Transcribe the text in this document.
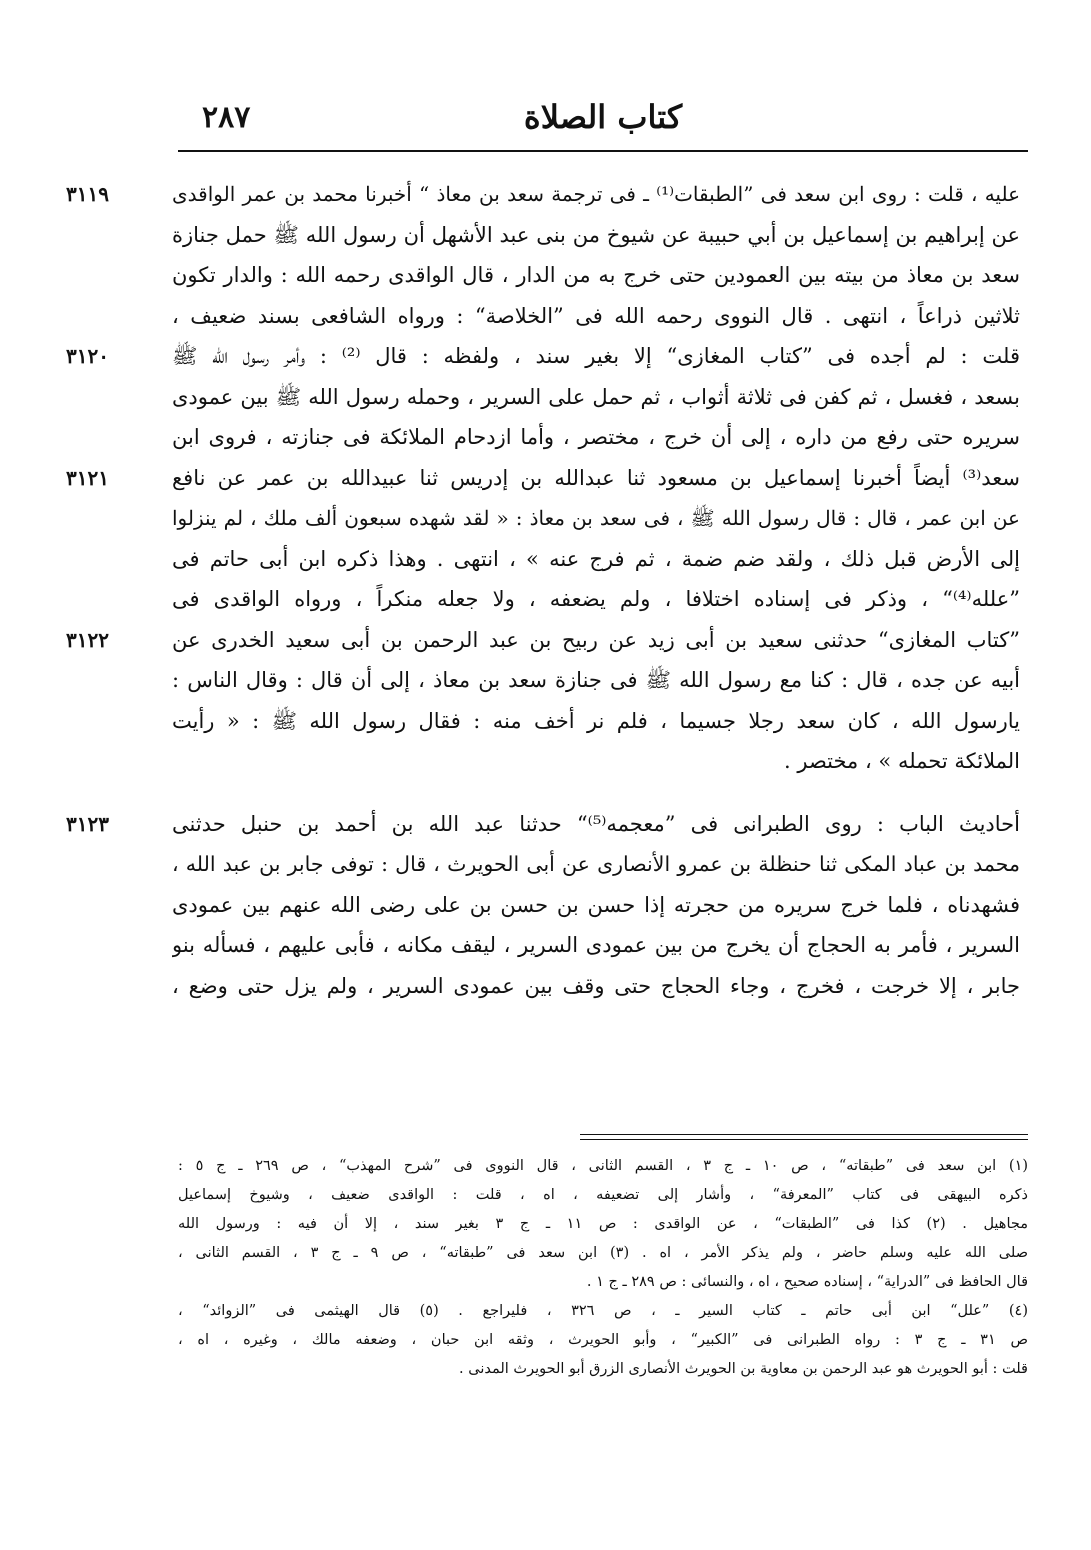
٢٨٧	كتاب الصلاة
٣١١٩	عليه ، قلت : روى ابن سعد فى ”الطبقات⁽¹⁾ ـ فى ترجمة سعد بن معاذ “ أخبرنا محمد بن عمر الواقدى
عن إبراهيم بن إسماعيل بن أبي حبيبة عن شيوخ من بنى عبد الأشهل أن رسول الله ﷺ حمل جنازة
سعد بن معاذ من بيته بين العمودين حتى خرج به من الدار ، قال الواقدى رحمه الله : والدار تكون
ثلاثين ذراعاً ، انتهى . قال النووى رحمه الله فى ”الخلاصة“ : ورواه الشافعى بسند ضعيف ،
٣١٢٠	قلت : لم أجده فى ”كتاب المغازى“ إلا بغير سند ، ولفظه : قال ⁽²⁾ : وأمر رسول الله ﷺ
بسعد ، فغسل ، ثم كفن فى ثلاثة أثواب ، ثم حمل على السرير ، وحمله رسول الله ﷺ بين عمودى
سريره حتى رفع من داره ، إلى أن خرج ، مختصر ، وأما ازدحام الملائكة فى جنازته ، فروى ابن
٣١٢١	سعد⁽³⁾ أيضاً أخبرنا إسماعيل بن مسعود ثنا عبدالله بن إدريس ثنا عبيدالله بن عمر عن نافع
عن ابن عمر ، قال : قال رسول الله ﷺ ، فى سعد بن معاذ : « لقد شهده سبعون ألف ملك ، لم ينزلوا
إلى الأرض قبل ذلك ، ولقد ضم ضمة ، ثم فرج عنه » ، انتهى . وهذا ذكره ابن أبى حاتم فى
”علله⁽⁴⁾“ ، وذكر فى إسناده اختلافا ، ولم يضعفه ، ولا جعله منكراً ، ورواه الواقدى فى
٣١٢٢	”كتاب المغازى“ حدثنى سعيد بن أبى زيد عن ربيح بن عبد الرحمن بن أبى سعيد الخدرى عن
أبيه عن جده ، قال : كنا مع رسول الله ﷺ فى جنازة سعد بن معاذ ، إلى أن قال : وقال الناس :
يارسول الله ، كان سعد رجلا جسيما ، فلم نر أخف منه : فقال رسول الله ﷺ : « رأيت
الملائكة تحمله » ، مختصر .
٣١٢٣	أحاديث الباب : روى الطبرانى فى ”معجمه⁽⁵⁾“ حدثنا عبد الله بن أحمد بن حنبل حدثنى
محمد بن عباد المكى ثنا حنظلة بن عمرو الأنصارى عن أبى الحويرث ، قال : توفى جابر بن عبد الله ،
فشهدناه ، فلما خرج سريره من حجرته إذا حسن بن حسن بن على رضى الله عنهم بين عمودى
السرير ، فأمر به الحجاج أن يخرج من بين عمودى السرير ، ليقف مكانه ، فأبى عليهم ، فسأله بنو
جابر ، إلا خرجت ، فخرج ، وجاء الحجاج حتى وقف بين عمودى السرير ، ولم يزل حتى وضع ،
(١) ابن سعد فى ”طبقاته“ ، ص ١٠ ـ ج ٣ ، القسم الثانى ، قال النووى فى ”شرح المهذب“ ، ص ٢٦٩ ـ ج ٥ :
ذكره البيهقى فى كتاب ”المعرفة“ ، وأشار إلى تضعيفه ، اه ، قلت : الواقدى ضعيف ، وشيوخ إسماعيل
مجاهيل . (٢) كذا فى ”الطبقات“ ، عن الواقدى : ص ١١ ـ ج ٣ بغير سند ، إلا أن فيه : ورسول الله
صلى الله عليه وسلم حاضر ، ولم يذكر الأمر ، اه . (٣) ابن سعد فى ”طبقاته“ ، ص ٩ ـ ج ٣ ، القسم الثانى ،
قال الحافظ فى ”الدراية“ ، إسناده صحيح ، اه ، والنسائى : ص ٢٨٩ ـ ج ١ .
(٤) ”علل“ ابن أبى حاتم ـ كتاب السير ـ ، ص ٣٢٦ ، فليراجع . (٥) قال الهيثمى فى ”الزوائد“ ،
ص ٣١ ـ ج ٣ : رواه الطبرانى فى ”الكبير“ ، وأبو الحويرث ، وثقه ابن حبان ، وضعفه مالك ، وغيره ، اه ،
قلت : أبو الحويرث هو عبد الرحمن بن معاوية بن الحويرث الأنصارى الزرق أبو الحويرث المدنى .
